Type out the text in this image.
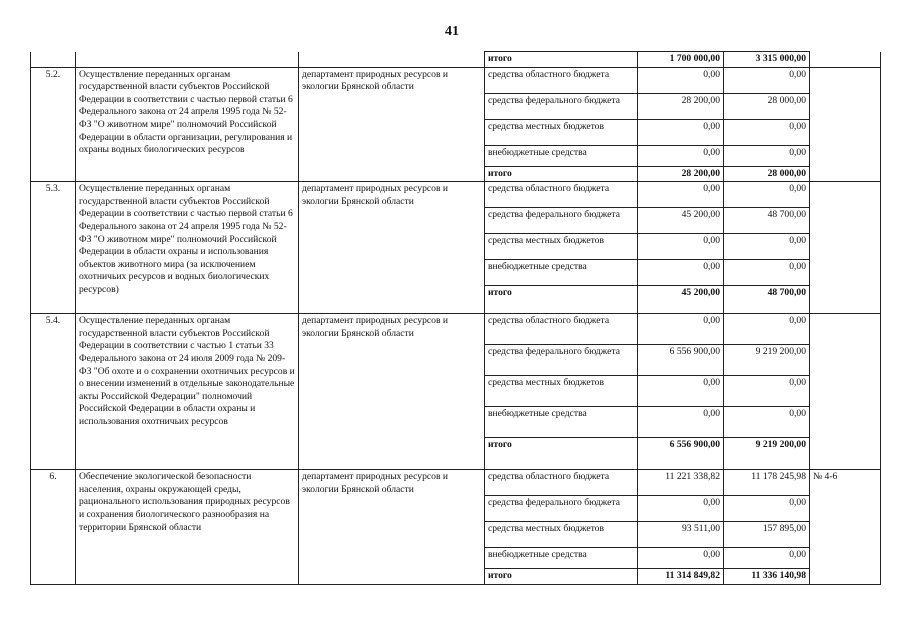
41
			итого	1 700 000,00	3 315 000,00	
5.2.	Осуществление переданных органам государственной власти субъектов Российской Федерации в соответствии с частью первой статьи 6 Федерального закона от 24 апреля 1995 года № 52-ФЗ "О животном мире" полномочий Российской Федерации в области организации, регулирования и охраны водных биологических ресурсов	департамент природных ресурсов и экологии Брянской области	средства областного бюджета	0,00	0,00	
			средства федерального бюджета	28 200,00	28 000,00	
			средства местных бюджетов	0,00	0,00	
			внебюджетные средства	0,00	0,00	
			итого	28 200,00	28 000,00	
5.3.	Осуществление переданных органам государственной власти субъектов Российской Федерации в соответствии с частью первой статьи 6 Федерального закона от 24 апреля 1995 года № 52-ФЗ "О животном мире" полномочий Российской Федерации в области охраны и использования объектов животного мира (за исключением охотничьих ресурсов и водных биологических ресурсов)	департамент природных ресурсов и экологии Брянской области	средства областного бюджета	0,00	0,00	
			средства федерального бюджета	45 200,00	48 700,00	
			средства местных бюджетов	0,00	0,00	
			внебюджетные средства	0,00	0,00	
			итого	45 200,00	48 700,00	
5.4.	Осуществление переданных органам государственной власти субъектов Российской Федерации в соответствии с частью 1 статьи 33 Федерального закона от 24 июля 2009 года № 209-ФЗ "Об охоте и о сохранении охотничьих ресурсов и о внесении изменений в отдельные законодательные акты Российской Федерации" полномочий Российской Федерации в области охраны и использования охотничьих ресурсов	департамент природных ресурсов и экологии Брянской области	средства областного бюджета	0,00	0,00	
			средства федерального бюджета	6 556 900,00	9 219 200,00	
			средства местных бюджетов	0,00	0,00	
			внебюджетные средства	0,00	0,00	
			итого	6 556 900,00	9 219 200,00	
6.	Обеспечение экологической безопасности населения, охраны окружающей среды, рационального использования природных ресурсов и сохранения биологического разнообразия на территории Брянской области	департамент природных ресурсов и экологии Брянской области	средства областного бюджета	11 221 338,82	11 178 245,98	№ 4-6
			средства федерального бюджета	0,00	0,00	
			средства местных бюджетов	93 511,00	157 895,00	
			внебюджетные средства	0,00	0,00	
			итого	11 314 849,82	11 336 140,98	
